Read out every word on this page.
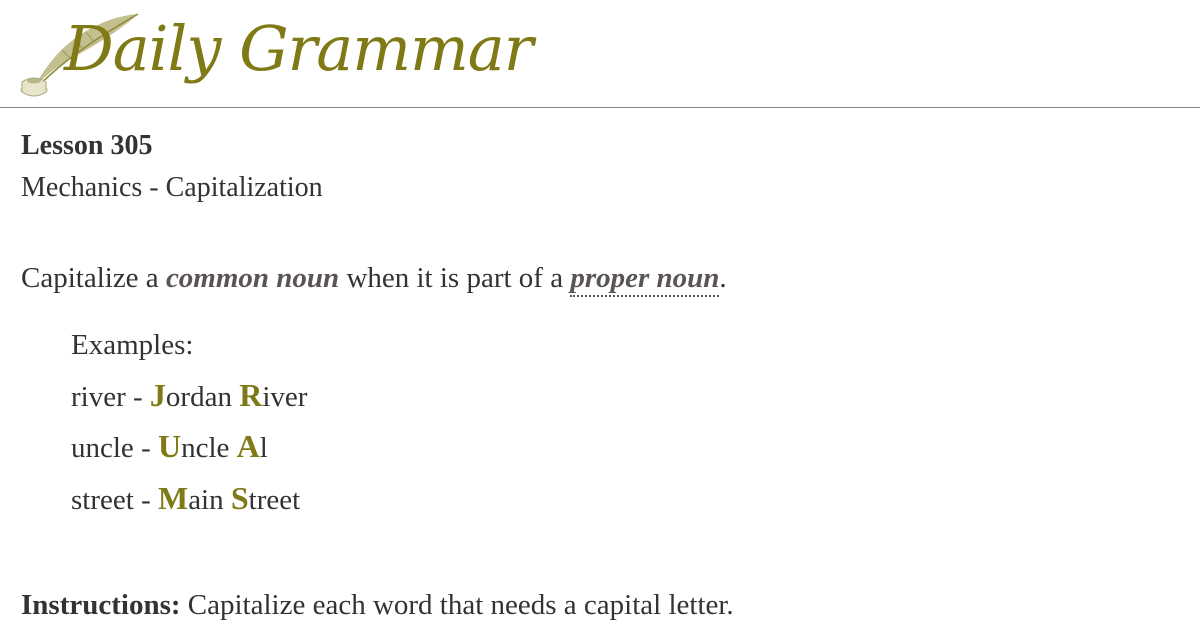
Daily Grammar

Lesson 305

Mechanics - Capitalization

Capitalize a common noun when it is part of a proper noun.

Examples:
river - Jordan River
uncle - Uncle Al
street - Main Street

Instructions: Capitalize each word that needs a capital letter.
